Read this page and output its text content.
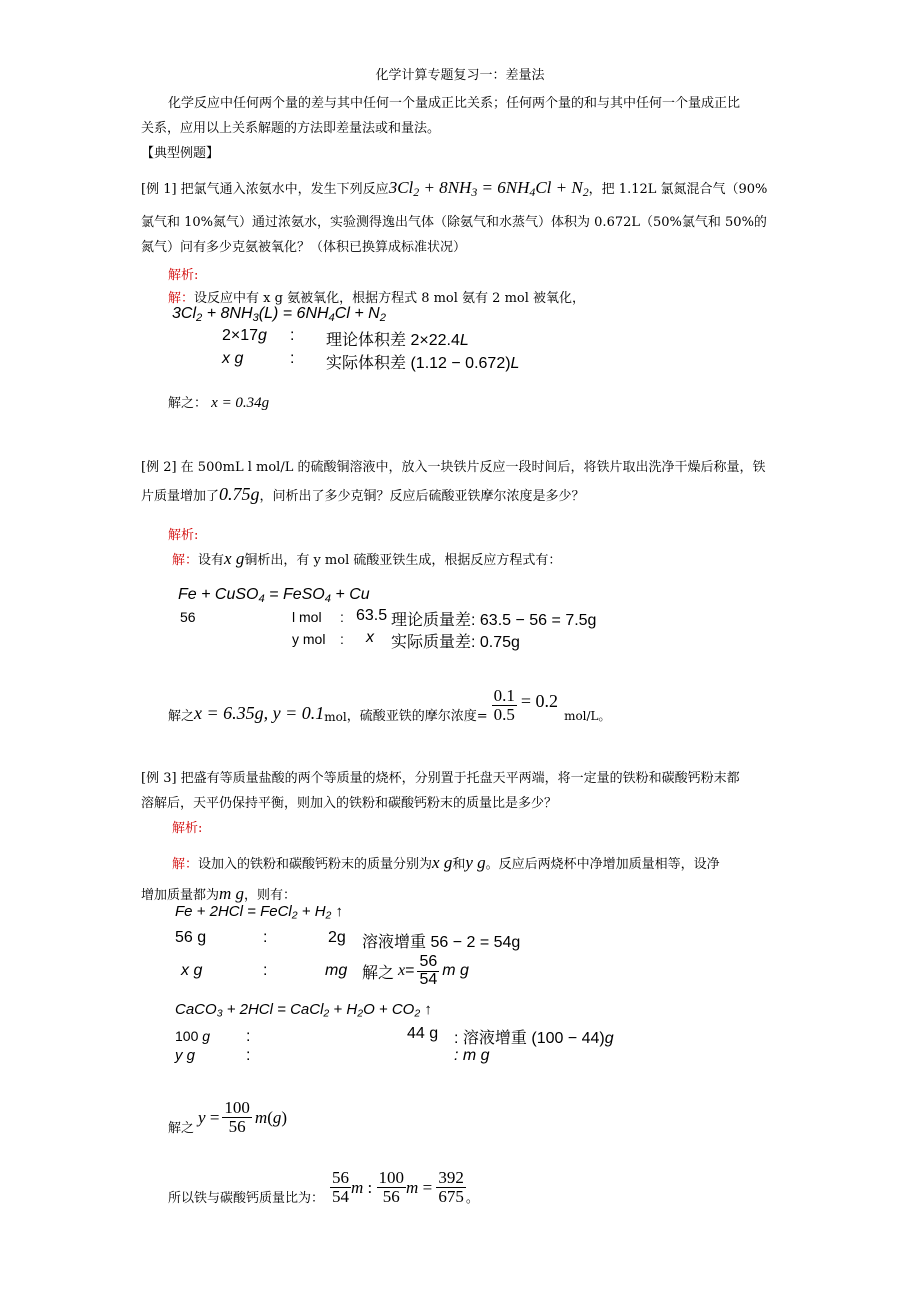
化学计算专题复习一：差量法
化学反应中任何两个量的差与其中任何一个量成正比关系；任何两个量的和与其中任何一个量成正比
关系，应用以上关系解题的方法即差量法或和量法。
【典型例题】
[例 1] 把氯气通入浓氨水中，发生下列反应$3Cl_2 + 8NH_3 = 6NH_4Cl + N_2$，把 1.12L 氯氮混合气（90%
氯气和 10%氮气）通过浓氨水，实验测得逸出气体（除氨气和水蒸气）体积为 0.672L（50%氯气和 50%的
氮气）问有多少克氨被氧化？（体积已换算成标准状况）
解析:
解：设反应中有 x g 氨被氧化，根据方程式 8 mol 氨有 2 mol 被氧化，
$3Cl_2 + 8NH_3(L) = 6NH_4Cl + N_2$
2×17g : 理论体积差 2×22.4L
x g	: 实际体积差 (1.12 − 0.672)L
解之： x = 0.34g
[例 2] 在 500mL l mol/L 的硫酸铜溶液中，放入一块铁片反应一段时间后，将铁片取出洗净干燥后称量，铁
片质量增加了0.75g，问析出了多少克铜？反应后硫酸亚铁摩尔浓度是多少？
解析:
解：设有x g铜析出，有 y mol 硫酸亚铁生成，根据反应方程式有：
Fe + CuSO$_4$ = FeSO$_4$ + Cu
56	l mol : 63.5 理论质量差: 63.5 − 56 = 7.5g
y mol : x 实际质量差: 0.75g
解之 x = 6.35g, y = 0.1 mol ，硫酸亚铁的摩尔浓度= $\frac{0.1}{0.5} = 0.2$
mol/L。
[例 3] 把盛有等质量盐酸的两个等质量的烧杯，分别置于托盘天平两端，将一定量的铁粉和碳酸钙粉末都
溶解后，天平仍保持平衡，则加入的铁粉和碳酸钙粉末的质量比是多少？
解析:
解：设加入的铁粉和碳酸钙粉末的质量分别为x g和y g。反应后两烧杯中净增加质量相等，设净
增加质量都为m g，则有：
Fe + 2HCl = FeCl$_2$ + $H_2$ ↑
56 g	:	2g 溶液增重 56 − 2 = 54g
x g	:	mg 解之 $x = \frac{56}{54}$ m g
CaCO$_3$ + 2HCl = CaCl$_2$ + $H_2O + CO_2$ ↑
100 g :	44 g : 溶液增重 (100 − 44)g
y g	:	: m g
解之
$y = \frac{100}{56}$ m ( g )
所以铁与碳酸钙质量比为： $\frac{56}{54}$ m : $\frac{100}{56}$ $m = \frac{392}{675}$ 。
